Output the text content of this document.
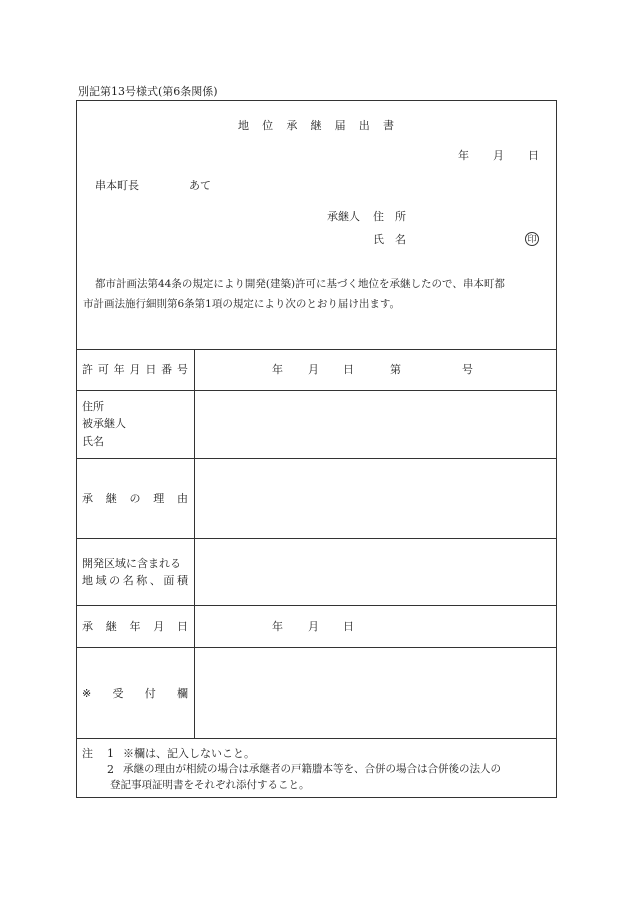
別記第13号様式(第6条関係)
地 位 承 継 届 出 書
年 月 日
串本町長	あて
承継人 住　所
氏　名	印
都市計画法第44条の規定により開発(建築)許可に基づく地位を承継したので、串本町都
市計画法施行細則第6条第1項の規定により次のとおり届け出ます。
許 可 年 月 日 番 号	年 月 日	第	号
住所
被承継人
氏名
承 継 の 理 由
開発区域に含まれる
地 域 の 名 称 、 面 積
承 継 年 月 日	年 月 日
※ 受 付 欄
注 1 ※欄は、記入しないこと。
2 承継の理由が相続の場合は承継者の戸籍謄本等を、合併の場合は合併後の法人の
登記事項証明書をそれぞれ添付すること。
